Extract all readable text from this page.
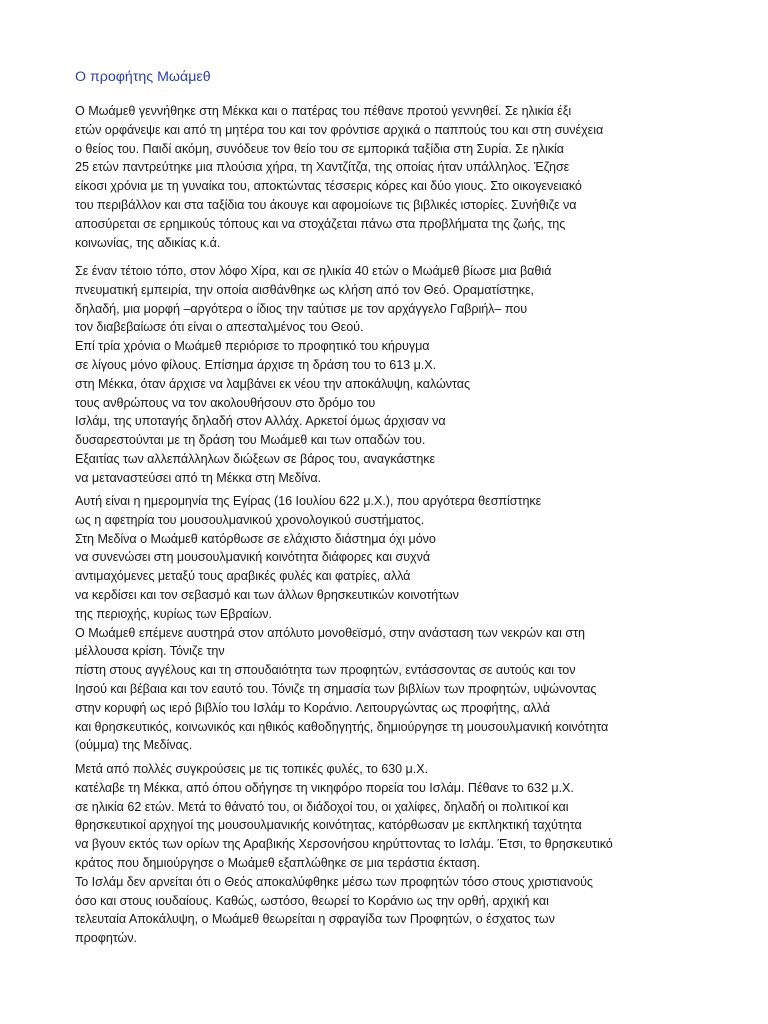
Ο προφήτης Μωάμεθ
Ο Μωάμεθ γεννήθηκε στη Μέκκα και ο πατέρας του πέθανε προτού γεννηθεί. Σε ηλικία έξι
ετών ορφάνεψε και από τη μητέρα του και τον φρόντισε αρχικά ο παππούς του και στη συνέχεια
ο θείος του. Παιδί ακόμη, συνόδευε τον θείο του σε εμπορικά ταξίδια στη Συρία. Σε ηλικία
25 ετών παντρεύτηκε μια πλούσια χήρα, τη Χαντζίτζα, της οποίας ήταν υπάλληλος. Έζησε
είκοσι χρόνια με τη γυναίκα του, αποκτώντας τέσσερις κόρες και δύο γιους. Στο οικογενειακό
του περιβάλλον και στα ταξίδια του άκουγε και αφομοίωνε τις βιβλικές ιστορίες. Συνήθιζε να
αποσύρεται σε ερημικούς τόπους και να στοχάζεται πάνω στα προβλήματα της ζωής, της
κοινωνίας, της αδικίας κ.ά.
Σε έναν τέτοιο τόπο, στον λόφο Χίρα, και σε ηλικία 40 ετών ο Μωάμεθ βίωσε μια βαθιά
πνευματική εμπειρία, την οποία αισθάνθηκε ως κλήση από τον Θεό. Οραματίστηκε,
δηλαδή, μια μορφή –αργότερα ο ίδιος την ταύτισε με τον αρχάγγελο Γαβριήλ– που
τον διαβεβαίωσε ότι είναι ο απεσταλμένος του Θεού.
Επί τρία χρόνια ο Μωάμεθ περιόρισε το προφητικό του κήρυγμα
σε λίγους μόνο φίλους. Επίσημα άρχισε τη δράση του το 613 μ.Χ.
στη Μέκκα, όταν άρχισε να λαμβάνει εκ νέου την αποκάλυψη, καλώντας
τους ανθρώπους να τον ακολουθήσουν στο δρόμο του
Ισλάμ, της υποταγής δηλαδή στον Αλλάχ. Αρκετοί όμως άρχισαν να
δυσαρεστούνται με τη δράση του Μωάμεθ και των οπαδών του.
Εξαιτίας των αλλεπάλληλων διώξεων σε βάρος του, αναγκάστηκε
να μεταναστεύσει από τη Μέκκα στη Μεδίνα.
Αυτή είναι η ημερομηνία της Εγίρας (16 Ιουλίου 622 μ.Χ.), που αργότερα θεσπίστηκε
ως η αφετηρία του μουσουλμανικού χρονολογικού συστήματος.
Στη Μεδίνα ο Μωάμεθ κατόρθωσε σε ελάχιστο διάστημα όχι μόνο
να συνενώσει στη μουσουλμανική κοινότητα διάφορες και συχνά
αντιμαχόμενες μεταξύ τους αραβικές φυλές και φατρίες, αλλά
να κερδίσει και τον σεβασμό και των άλλων θρησκευτικών κοινοτήτων
της περιοχής, κυρίως των Εβραίων.
Ο Μωάμεθ επέμενε αυστηρά στον απόλυτο μονοθεϊσμό, στην ανάσταση των νεκρών και στη
μέλλουσα κρίση. Τόνιζε την
πίστη στους αγγέλους και τη σπουδαιότητα των προφητών, εντάσσοντας σε αυτούς και τον
Ιησού και βέβαια και τον εαυτό του. Τόνιζε τη σημασία των βιβλίων των προφητών, υψώνοντας
στην κορυφή ως ιερό βιβλίο του Ισλάμ το Κοράνιο. Λειτουργώντας ως προφήτης, αλλά
και θρησκευτικός, κοινωνικός και ηθικός καθοδηγητής, δημιούργησε τη μουσουλμανική κοινότητα
(ούμμα) της Μεδίνας.
Μετά από πολλές συγκρούσεις με τις τοπικές φυλές, το 630 μ.Χ.
κατέλαβε τη Μέκκα, από όπου οδήγησε τη νικηφόρο πορεία του Ισλάμ. Πέθανε το 632 μ.Χ.
σε ηλικία 62 ετών. Μετά το θάνατό του, οι διάδοχοί του, οι χαλίφες, δηλαδή οι πολιτικοί και
θρησκευτικοί αρχηγοί της μουσουλμανικής κοινότητας, κατόρθωσαν με εκπληκτική ταχύτητα
να βγουν εκτός των ορίων της Αραβικής Χερσονήσου κηρύττοντας το Ισλάμ. Έτσι, το θρησκευτικό
κράτος που δημιούργησε ο Μωάμεθ εξαπλώθηκε σε μια τεράστια έκταση.
Το Ισλάμ δεν αρνείται ότι ο Θεός αποκαλύφθηκε μέσω των προφητών τόσο στους χριστιανούς
όσο και στους ιουδαίους. Καθώς, ωστόσο, θεωρεί το Κοράνιο ως την ορθή, αρχική και
τελευταία Αποκάλυψη, ο Μωάμεθ θεωρείται η σφραγίδα των Προφητών, ο έσχατος των
προφητών.
